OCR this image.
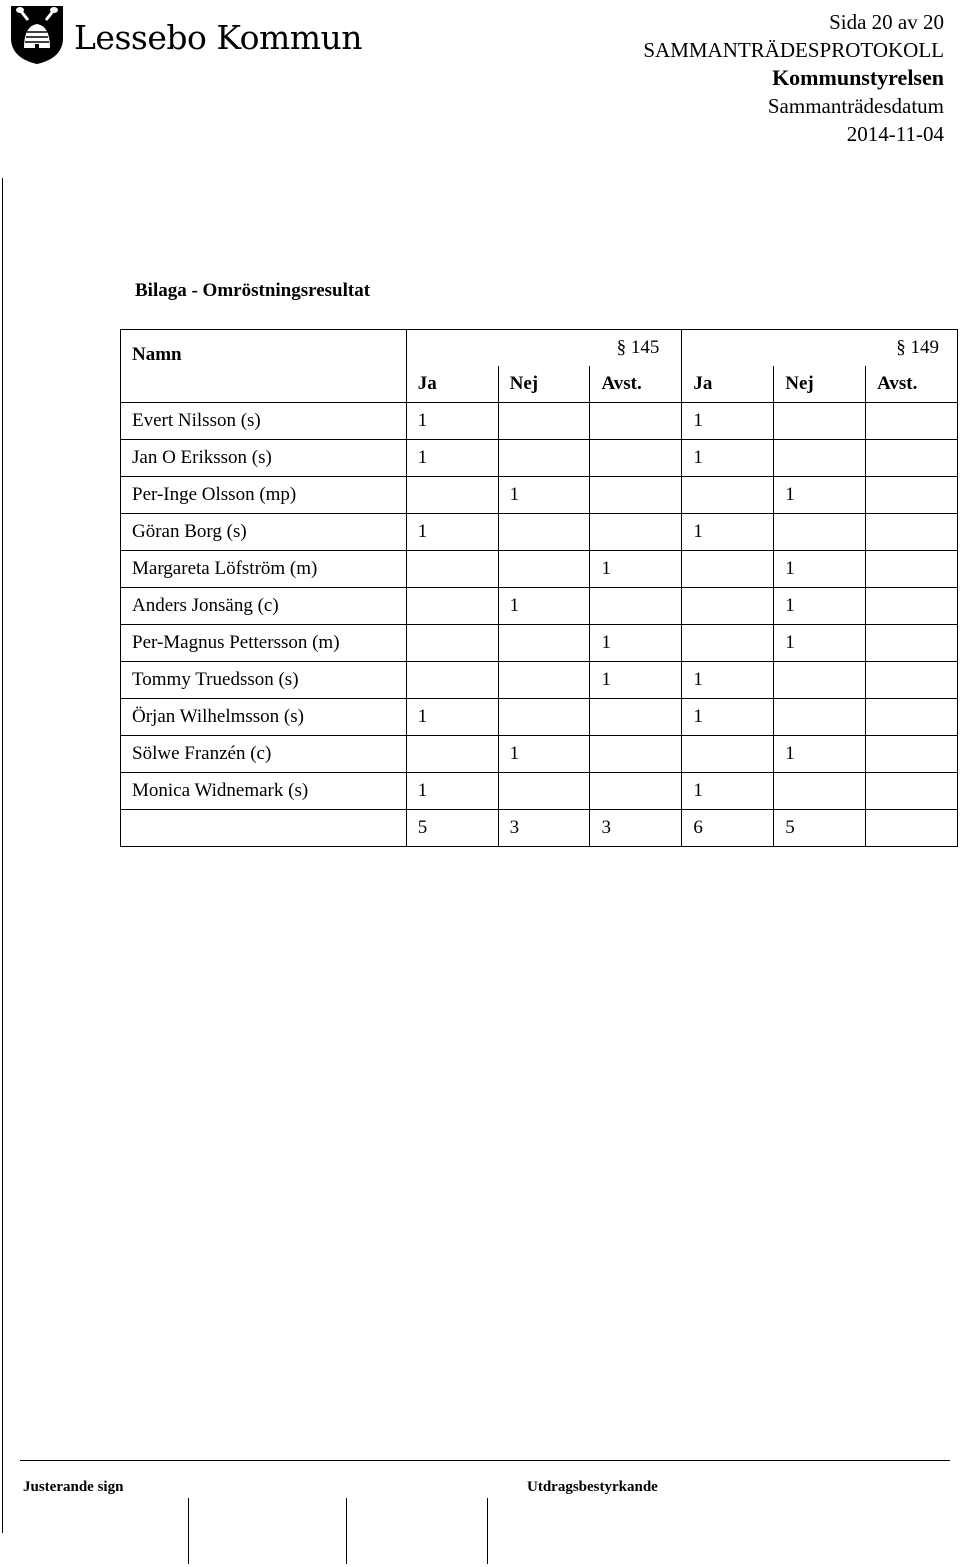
Lessebo Kommun	Sida 20 av 20
SAMMANTRÄDESPROTOKOLL
Kommunstyrelsen
Sammanträdesdatum
2014-11-04
Bilaga - Omröstningsresultat
Namn	§ 145			§ 149		
	Ja	Nej	Avst.	Ja	Nej	Avst.
Evert Nilsson (s)	1			1		
Jan O Eriksson (s)	1			1		
Per-Inge Olsson (mp)		1			1	
Göran Borg (s)	1			1		
Margareta Löfström (m)			1		1	
Anders Jonsäng (c)		1			1	
Per-Magnus Pettersson (m)			1		1	
Tommy Truedsson (s)			1	1		
Örjan Wilhelmsson (s)	1			1		
Sölwe Franzén (c)		1			1	
Monica Widnemark (s)	1			1		
	5	3	3	6	5	
Justerande sign	Utdragsbestyrkande
